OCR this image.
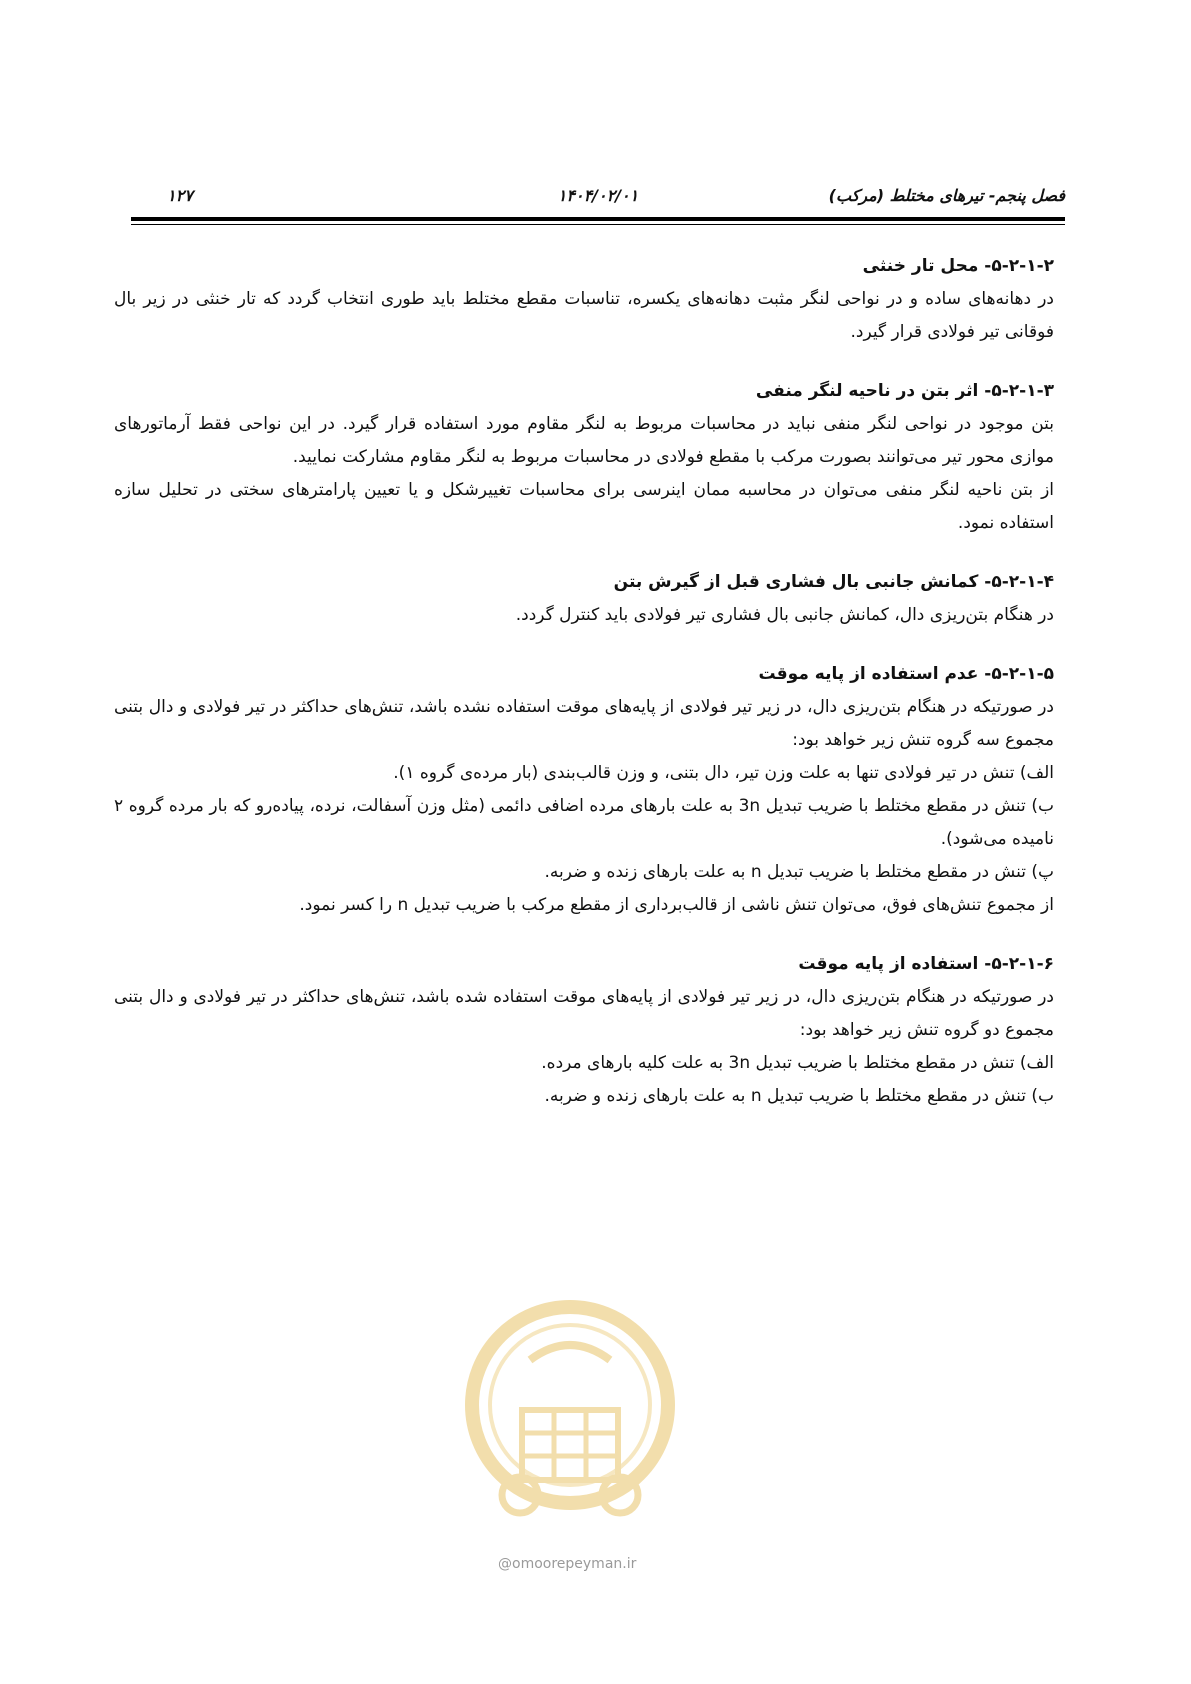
فصل پنجم- تیرهای مختلط (مرکب)
۱۴۰۴/۰۲/۰۱
۱۲۷

۵-۲-۱-۲- محل تار خنثی

در دهانه‌های ساده و در نواحی لنگر مثبت دهانه‌های یکسره، تناسبات مقطع مختلط باید طوری انتخاب گردد که تار خنثی در زیر بال فوقانی تیر فولادی قرار گیرد.

۵-۲-۱-۳- اثر بتن در ناحیه لنگر منفی

بتن موجود در نواحی لنگر منفی نباید در محاسبات مربوط به لنگر مقاوم مورد استفاده قرار گیرد. در این نواحی فقط آرماتورهای موازی محور تیر می‌توانند بصورت مرکب با مقطع فولادی در محاسبات مربوط به لنگر مقاوم مشارکت نمایید.

از بتن ناحیه لنگر منفی می‌توان در محاسبه ممان اینرسی برای محاسبات تغییرشکل و یا تعیین پارامترهای سختی در تحلیل سازه استفاده نمود.

۵-۲-۱-۴- کمانش جانبی بال فشاری قبل از گیرش بتن

در هنگام بتن‌ریزی دال، کمانش جانبی بال فشاری تیر فولادی باید کنترل گردد.

۵-۲-۱-۵- عدم استفاده از پایه موقت

در صورتیکه در هنگام بتن‌ریزی دال، در زیر تیر فولادی از پایه‌های موقت استفاده نشده باشد، تنش‌های حداکثر در تیر فولادی و دال بتنی مجموع سه گروه تنش زیر خواهد بود:

الف) تنش در تیر فولادی تنها به علت وزن تیر، دال بتنی، و وزن قالب‌بندی (بار مرده‌ی گروه ۱).

ب) تنش در مقطع مختلط با ضریب تبدیل 3n به علت بارهای مرده اضافی دائمی (مثل وزن آسفالت، نرده، پیاده‌رو که بار مرده گروه ۲ نامیده می‌شود).

پ) تنش در مقطع مختلط با ضریب تبدیل n به علت بارهای زنده و ضربه.

از مجموع تنش‌های فوق، می‌توان تنش ناشی از قالب‌برداری از مقطع مرکب با ضریب تبدیل n را کسر نمود.

۵-۲-۱-۶- استفاده از پایه موقت

در صورتیکه در هنگام بتن‌ریزی دال، در زیر تیر فولادی از پایه‌های موقت استفاده شده باشد، تنش‌های حداکثر در تیر فولادی و دال بتنی مجموع دو گروه تنش زیر خواهد بود:

الف) تنش در مقطع مختلط با ضریب تبدیل 3n به علت کلیه بارهای مرده.

ب) تنش در مقطع مختلط با ضریب تبدیل n به علت بارهای زنده و ضربه.

@omoorepeyman.ir
